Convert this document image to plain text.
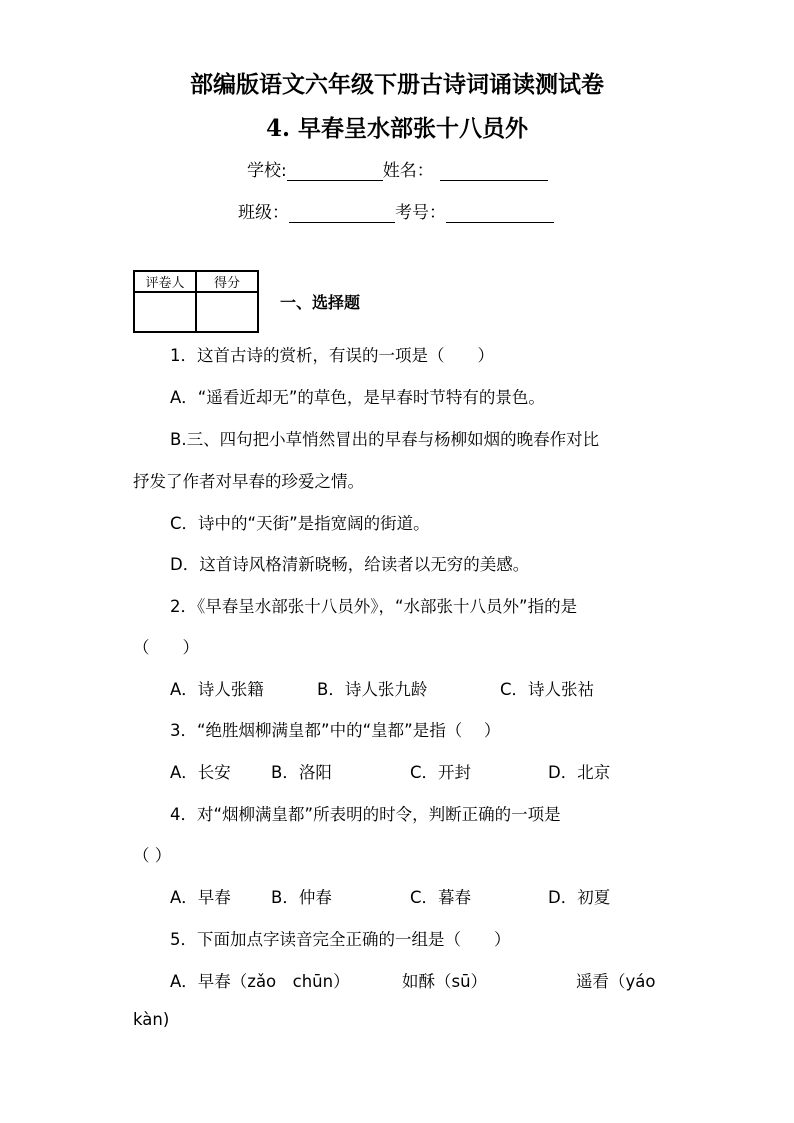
部编版语文六年级下册古诗词诵读测试卷
4. 早春呈水部张十八员外
学校:	姓名：
班级：	考号：
评卷人	得分

一、选择题
1．这首古诗的赏析，有误的一项是（　　）
A．“遥看近却无”的草色，是早春时节特有的景色。
B.三、四句把小草悄然冒出的早春与杨柳如烟的晚春作对比
抒发了作者对早春的珍爱之情。
C．诗中的“天街”是指宽阔的街道。
D．这首诗风格清新晓畅，给读者以无穷的美感。
2．《早春呈水部张十八员外》，“水部张十八员外”指的是
（　　）
A．诗人张籍	B．诗人张九龄	C．诗人张祜
3．“绝胜烟柳满皇都”中的“皇都”是指（　 ）
A．长安 B．洛阳	C．开封	D．北京
4．对“烟柳满皇都”所表明的时令，判断正确的一项是
（ ）
A．早春 B．仲春	C．暮春	D．初夏
5．下面加点字读音完全正确的一组是（　　）
A．早春（zǎo　chūn）	如酥（sū）	遥看（yáo
kàn)
